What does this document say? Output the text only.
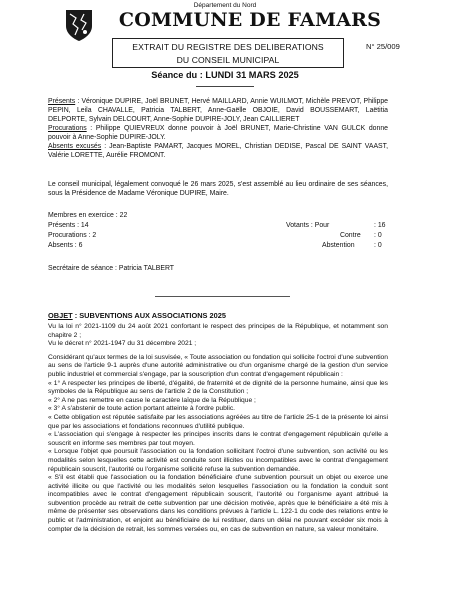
Département du Nord
COMMUNE DE FAMARS
EXTRAIT DU REGISTRE DES DELIBERATIONS
DU CONSEIL MUNICIPAL
N° 25/009
Séance du : LUNDI 31 MARS 2025
Présents : Véronique DUPIRE, Joël BRUNET, Hervé MAILLARD, Annie WUILMOT, Michèle PREVOT, Philippe PEPIN, Leila CHAVALLE, Patricia TALBERT, Anne-Gaëlle OBJOIE, David BOUSSEMART, Laëtitia DELPORTE, Sylvain DELCOURT, Anne-Sophie DUPIRE-JOLY, Jean CAILLIERET
Procurations : Philippe QUIEVREUX donne pouvoir à Joël BRUNET, Marie-Christine VAN GULCK donne pouvoir à Anne-Sophie DUPIRE-JOLY.
Absents excusés : Jean-Baptiste PAMART, Jacques MOREL, Christian DEDISE, Pascal DE SAINT VAAST, Valérie LORETTE, Aurélie FROMONT.
Le conseil municipal, légalement convoqué le 26 mars 2025, s'est assemblé au lieu ordinaire de ses séances, sous la Présidence de Madame Véronique DUPIRE, Maire.
Membres en exercice : 22
Présents : 14
Procurations : 2
Absents : 6
Votants : Pour	: 16
Contre : 0
Abstention	: 0
Secrétaire de séance : Patricia TALBERT
OBJET : SUBVENTIONS AUX ASSOCIATIONS 2025

Vu la loi n° 2021-1109 du 24 août 2021 confortant le respect des principes de la République, et notamment son chapitre 2 ;

Vu le décret n° 2021-1947 du 31 décembre 2021 ;

Considérant qu'aux termes de la loi susvisée, « Toute association ou fondation qui sollicite l'octroi d'une subvention au sens de l'article 9-1 auprès d'une autorité administrative ou d'un organisme chargé de la gestion d'un service public industriel et commercial s'engage, par la souscription d'un contrat d'engagement républicain :

« 1° A respecter les principes de liberté, d'égalité, de fraternité et de dignité de la personne humaine, ainsi que les symboles de la République au sens de l'article 2 de la Constitution ;

« 2° A ne pas remettre en cause le caractère laïque de la République ;

« 3° A s'abstenir de toute action portant atteinte à l'ordre public.

« Cette obligation est réputée satisfaite par les associations agréées au titre de l'article 25-1 de la présente loi ainsi que par les associations et fondations reconnues d'utilité publique.

« L'association qui s'engage à respecter les principes inscrits dans le contrat d'engagement républicain qu'elle a souscrit en informe ses membres par tout moyen.

« Lorsque l'objet que poursuit l'association ou la fondation sollicitant l'octroi d'une subvention, son activité ou les modalités selon lesquelles cette activité est conduite sont illicites ou incompatibles avec le contrat d'engagement républicain souscrit, l'autorité ou l'organisme sollicité refuse la subvention demandée.

« S'il est établi que l'association ou la fondation bénéficiaire d'une subvention poursuit un objet ou exerce une activité illicite ou que l'activité ou les modalités selon lesquelles l'association ou la fondation la conduit sont incompatibles avec le contrat d'engagement républicain souscrit, l'autorité ou l'organisme ayant attribué la subvention procède au retrait de cette subvention par une décision motivée, après que le bénéficiaire a été mis à même de présenter ses observations dans les conditions prévues à l'article L. 122-1 du code des relations entre le public et l'administration, et enjoint au bénéficiaire de lui restituer, dans un délai ne pouvant excéder six mois à compter de la décision de retrait, les sommes versées ou, en cas de subvention en nature, sa valeur monétaire.
